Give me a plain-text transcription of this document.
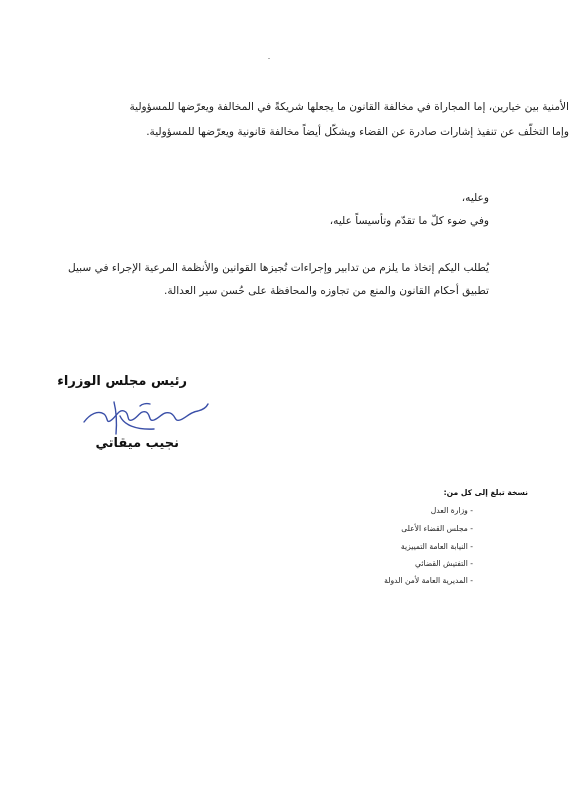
الأمنية بين خيارين، إما المجاراة في مخالفة القانون ما يجعلها شريكةً في المخالفة ويعرّضها للمسؤولية
وإما التخلّف عن تنفيذ إشارات صادرة عن القضاء ويشكّل أيضاً مخالفة قانونية ويعرّضها للمسؤولية.
وعليه،
وفي ضوء كلّ ما تقدّم وتأسيساً عليه،
يُطلب اليكم إتخاذ ما يلزم من تدابير وإجراءات تُجيزها القوانين والأنظمة المرعية الإجراء في سبيل
تطبيق أحكام القانون والمنع من تجاوزه والمحافظة على حُسن سير العدالة.
رئيس مجلس الوزراء
نجيب ميقاتي
نسخة تبلغ إلى كل من:
- وزارة العدل
- مجلس القضاء الأعلى
- النيابة العامة التمييزية
- التفتيش القضائي
- المديرية العامة لأمن الدولة
